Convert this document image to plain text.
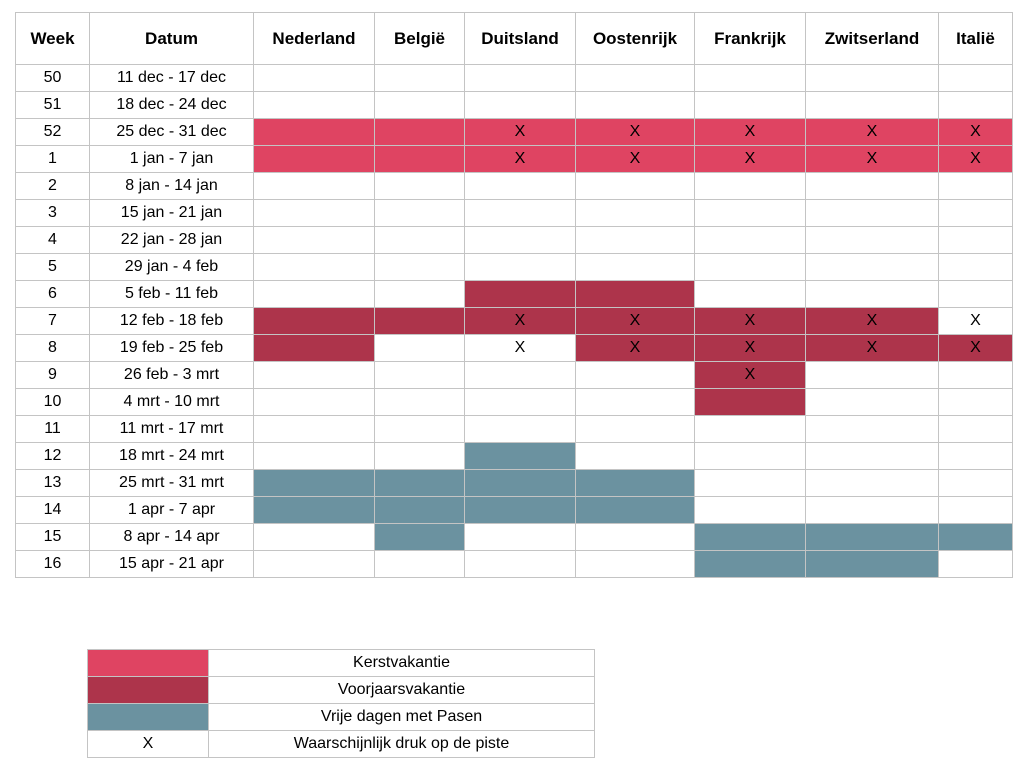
Week	Datum	Nederland	België	Duitsland	Oostenrijk	Frankrijk	Zwitserland	Italië
50	11 dec - 17 dec							
51	18 dec - 24 dec							
52	25 dec - 31 dec			X	X	X	X	X
1	1 jan - 7 jan			X	X	X	X	X
2	8 jan - 14 jan							
3	15 jan - 21 jan							
4	22 jan - 28 jan							
5	29 jan - 4 feb							
6	5 feb - 11 feb							
7	12 feb - 18 feb			X	X	X	X	X
8	19 feb - 25 feb			X	X	X	X	X
9	26 feb - 3 mrt					X		
10	4 mrt - 10 mrt							
11	11 mrt - 17 mrt							
12	18 mrt - 24 mrt							
13	25 mrt - 31 mrt							
14	1 apr - 7 apr							
15	8 apr - 14 apr							
16	15 apr - 21 apr							
	Kerstvakantie
	Voorjaarsvakantie
	Vrije dagen met Pasen
X	Waarschijnlijk druk op de piste
